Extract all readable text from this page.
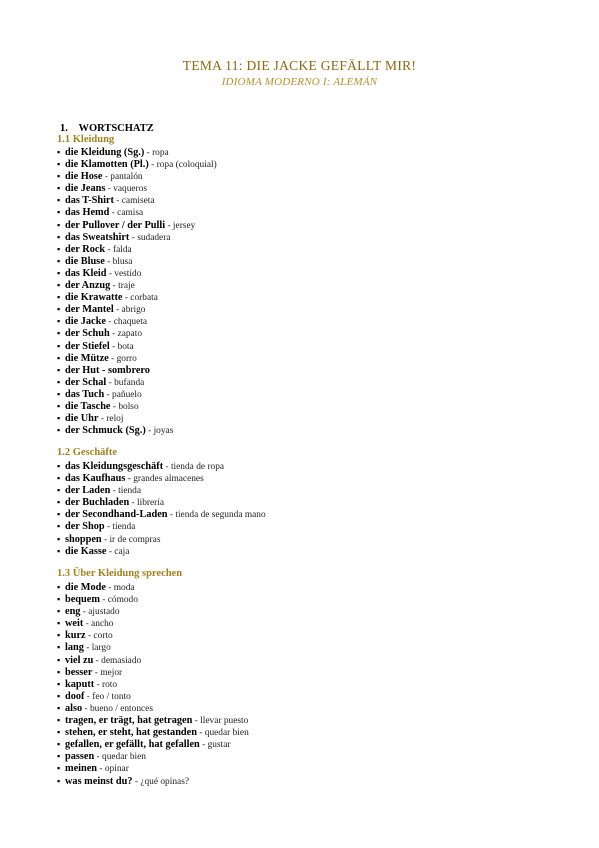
TEMA 11: DIE JACKE GEFÄLLT MIR!
IDIOMA MODERNO I: ALEMÁN
1. WORTSCHATZ
1.1 Kleidung
▪ die Kleidung (Sg.) - ropa
▪ die Klamotten (Pl.) - ropa (coloquial)
▪ die Hose - pantalón
▪ die Jeans - vaqueros
▪ das T-Shirt - camiseta
▪ das Hemd - camisa
▪ der Pullover / der Pulli - jersey
▪ das Sweatshirt - sudadera
▪ der Rock - falda
▪ die Bluse - blusa
▪ das Kleid - vestido
▪ der Anzug - traje
▪ die Krawatte - corbata
▪ der Mantel - abrigo
▪ die Jacke - chaqueta
▪ der Schuh - zapato
▪ der Stiefel - bota
▪ die Mütze - gorro
▪ der Hut - sombrero
▪ der Schal - bufanda
▪ das Tuch - pañuelo
▪ die Tasche - bolso
▪ die Uhr - reloj
▪ der Schmuck (Sg.) - joyas
1.2 Geschäfte
▪ das Kleidungsgeschäft - tienda de ropa
▪ das Kaufhaus - grandes almacenes
▪ der Laden - tienda
▪ der Buchladen - librería
▪ der Secondhand-Laden - tienda de segunda mano
▪ der Shop - tienda
▪ shoppen - ir de compras
▪ die Kasse - caja
1.3 Über Kleidung sprechen
▪ die Mode - moda
▪ bequem - cómodo
▪ eng - ajustado
▪ weit - ancho
▪ kurz - corto
▪ lang - largo
▪ viel zu - demasiado
▪ besser - mejor
▪ kaputt - roto
▪ doof - feo / tonto
▪ also - bueno / entonces
▪ tragen, er trägt, hat getragen - llevar puesto
▪ stehen, er steht, hat gestanden - quedar bien
▪ gefallen, er gefällt, hat gefallen - gustar
▪ passen - quedar bien
▪ meinen - opinar
▪ was meinst du? - ¿qué opinas?
